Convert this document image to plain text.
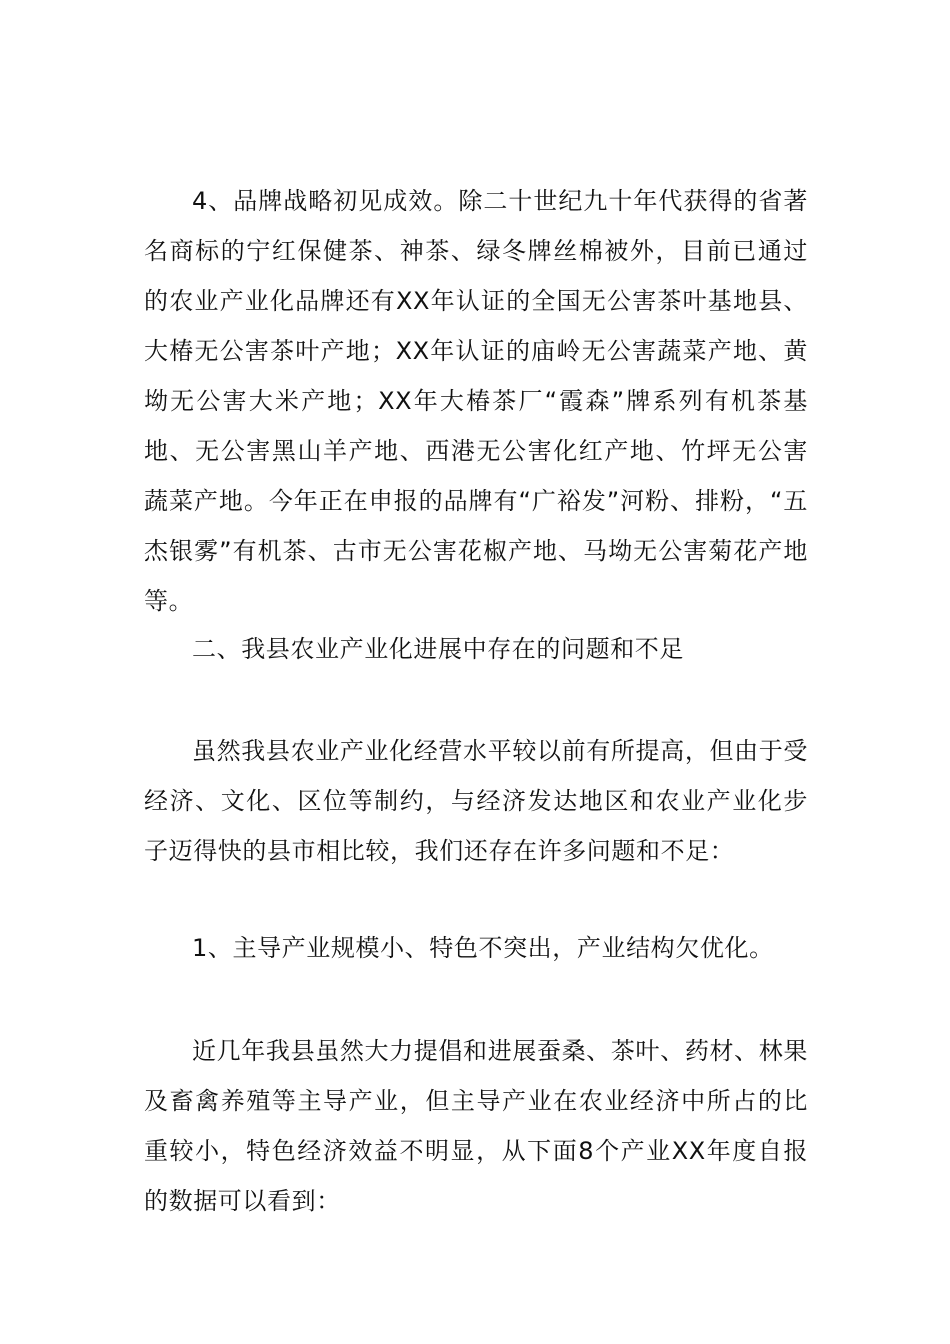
4、品牌战略初见成效。除二十世纪九十年代获得的省著名商标的宁红保健茶、神茶、绿冬牌丝棉被外，目前已通过的农业产业化品牌还有XX年认证的全国无公害茶叶基地县、大椿无公害茶叶产地；XX年认证的庙岭无公害蔬菜产地、黄坳无公害大米产地；XX年大椿茶厂“霞森”牌系列有机茶基地、无公害黑山羊产地、西港无公害化红产地、竹坪无公害蔬菜产地。今年正在申报的品牌有“广裕发”河粉、排粉，“五杰银雾”有机茶、古市无公害花椒产地、马坳无公害菊花产地等。

二、我县农业产业化进展中存在的问题和不足

虽然我县农业产业化经营水平较以前有所提高，但由于受经济、文化、区位等制约，与经济发达地区和农业产业化步子迈得快的县市相比较，我们还存在许多问题和不足：

1、主导产业规模小、特色不突出，产业结构欠优化。

近几年我县虽然大力提倡和进展蚕桑、茶叶、药材、林果及畜禽养殖等主导产业，但主导产业在农业经济中所占的比重较小，特色经济效益不明显，从下面8个产业XX年度自报的数据可以看到：
